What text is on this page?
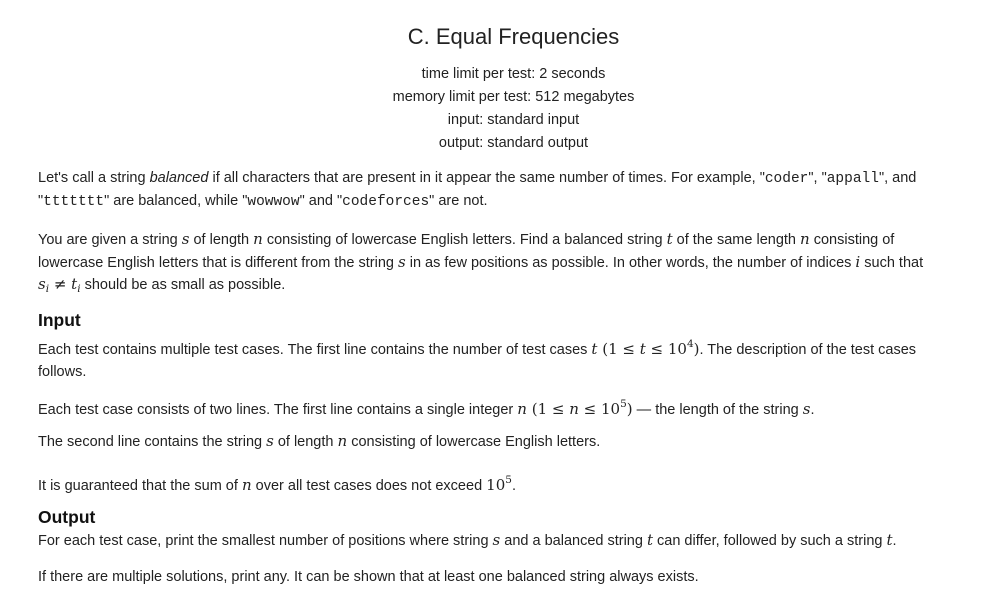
C. Equal Frequencies
time limit per test: 2 seconds
memory limit per test: 512 megabytes
input: standard input
output: standard output

Let's call a string balanced if all characters that are present in it appear the same number of times. For example, "coder", "appall", and
"ttttttt" are balanced, while "wowwow" and "codeforces" are not.

You are given a string s of length n consisting of lowercase English letters. Find a balanced string t of the same length n consisting of
lowercase English letters that is different from the string s in as few positions as possible. In other words, the number of indices i such that
$s_i \ne t_i$ should be as small as possible.

Input

Each test contains multiple test cases. The first line contains the number of test cases t $(1 \le t \le 10^4)$. The description of the test cases
follows.

Each test case consists of two lines. The first line contains a single integer n $(1 \le n \le 10^5)$ — the length of the string s.

The second line contains the string s of length n consisting of lowercase English letters.

It is guaranteed that the sum of n over all test cases does not exceed $10^5$.

Output

For each test case, print the smallest number of positions where string s and a balanced string t can differ, followed by such a string t.

If there are multiple solutions, print any. It can be shown that at least one balanced string always exists.
